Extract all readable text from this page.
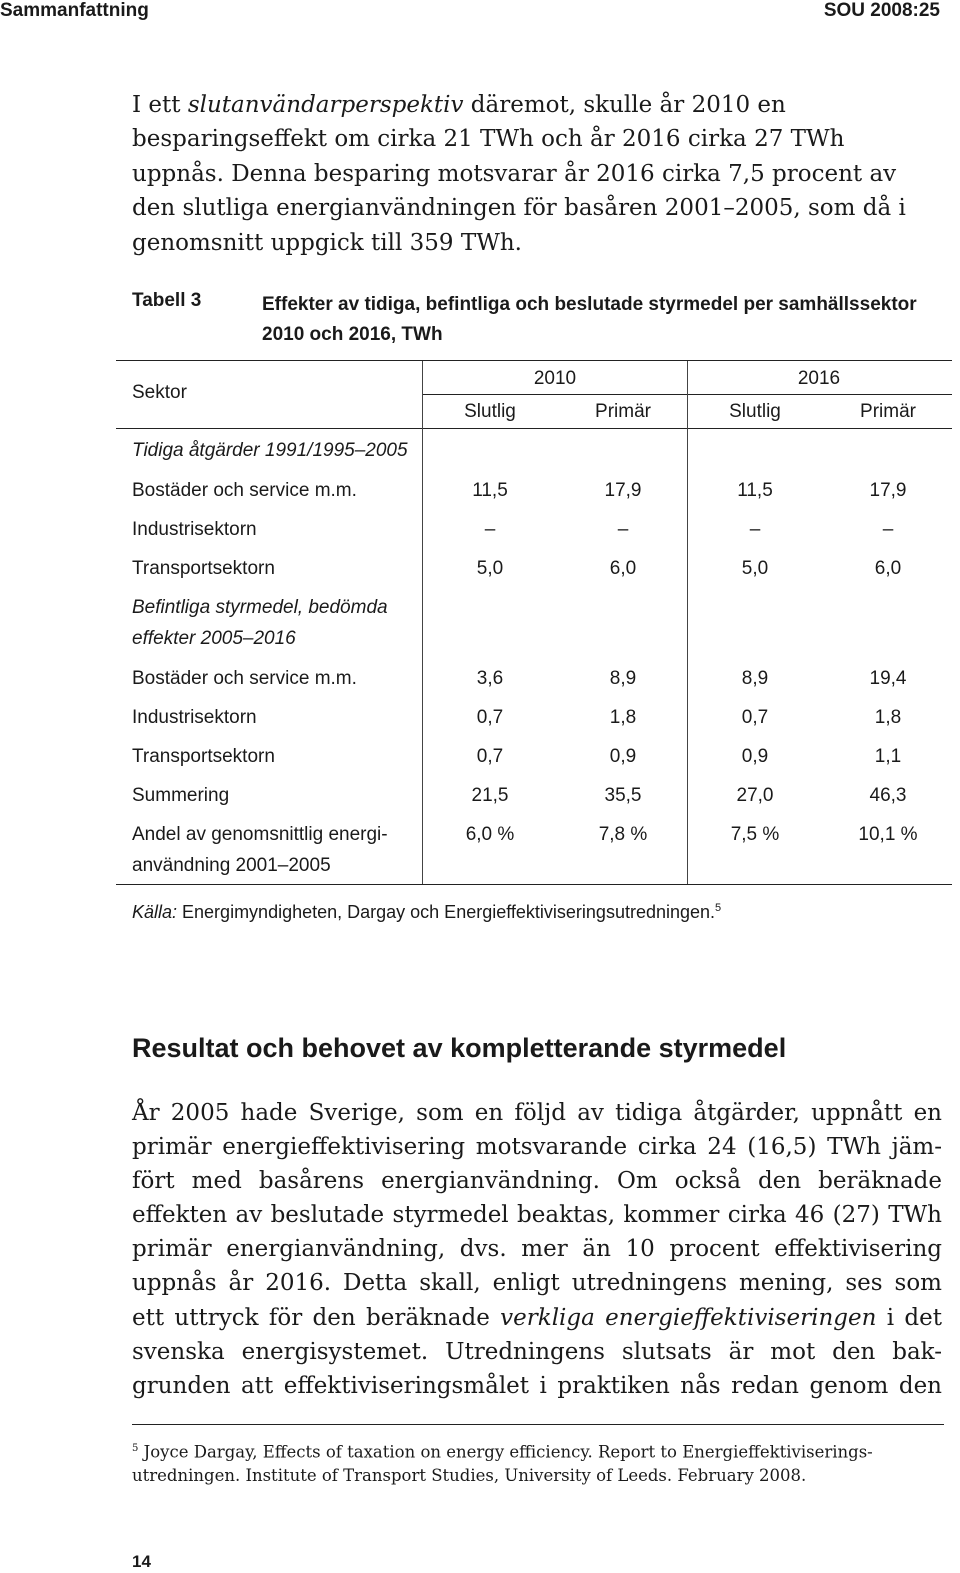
Sammanfattning	SOU 2008:25
I ett slutanvändarperspektiv däremot, skulle år 2010 en
besparingseffekt om cirka 21 TWh och år 2016 cirka 27 TWh
uppnås. Denna besparing motsvarar år 2016 cirka 7,5 procent av
den slutliga energianvändningen för basåren 2001–2005, som då i
genomsnitt uppgick till 359 TWh.
Tabell 3	Effekter av tidiga, befintliga och beslutade styrmedel per samhällssektor 2010 och 2016, TWh
Sektor
2010	2016
Slutlig	Primär	Slutlig	Primär
Tidiga åtgärder 1991/1995–2005
Bostäder och service m.m.	11,5	17,9	11,5	17,9
Industrisektorn	–	–	–	–
Transportsektorn	5,0	6,0	5,0	6,0
Befintliga styrmedel, bedömda
effekter 2005–2016
Bostäder och service m.m.	3,6	8,9	8,9	19,4
Industrisektorn	0,7	1,8	0,7	1,8
Transportsektorn	0,7	0,9	0,9	1,1
Summering	21,5	35,5	27,0	46,3
Andel av genomsnittlig energi-
användning 2001–2005
6,0 %	7,8 %	7,5 %	10,1 %
Källa: Energimyndigheten, Dargay och Energieffektiviseringsutredningen.$^5$
Resultat och behovet av kompletterande styrmedel
År 2005 hade Sverige, som en följd av tidiga åtgärder, uppnått en
primär energieffektivisering motsvarande cirka 24 (16,5) TWh jäm-
fört med basårens energianvändning. Om också den beräknade
effekten av beslutade styrmedel beaktas, kommer cirka 46 (27) TWh
primär energianvändning, dvs. mer än 10 procent effektivisering
uppnås år 2016. Detta skall, enligt utredningens mening, ses som
ett uttryck för den beräknade verkliga energieffektiviseringen i det
svenska energisystemet. Utredningens slutsats är mot den bak-
grunden att effektiviseringsmålet i praktiken nås redan genom den
$^5$ Joyce Dargay, Effects of taxation on energy efficiency. Report to Energieffektiviserings-
utredningen. Institute of Transport Studies, University of Leeds. February 2008.
14
